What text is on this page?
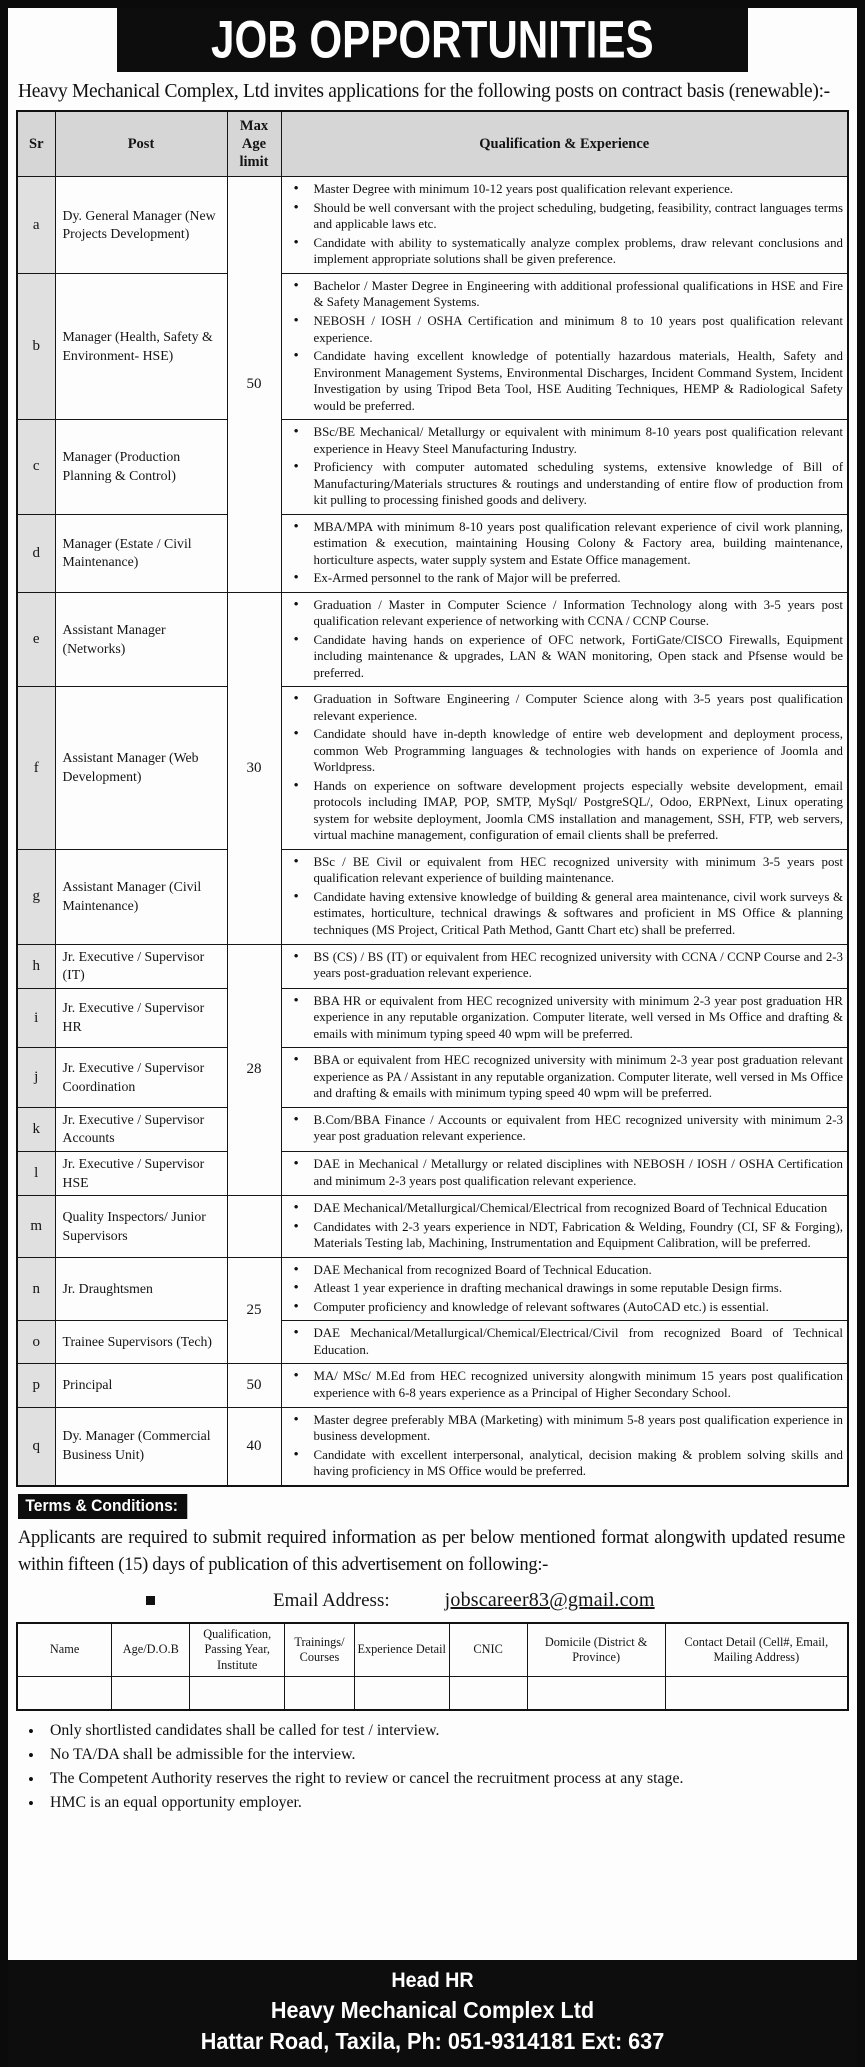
JOB OPPORTUNITIES

Heavy Mechanical Complex, Ltd invites applications for the following posts on contract basis (renewable):-

Sr	Post	Max Age limit	Qualification & Experience
a	Dy. General Manager (New Projects Development)	50	
• Master Degree with minimum 10-12 years post qualification relevant experience.
• Should be well conversant with the project scheduling, budgeting, feasibility, contract languages terms and applicable laws etc.
• Candidate with ability to systematically analyze complex problems, draw relevant conclusions and implement appropriate solutions shall be given preference.

b	Manager (Health, Safety & Environment- HSE)	
• Bachelor / Master Degree in Engineering with additional professional qualifications in HSE and Fire & Safety Management Systems.
• NEBOSH / IOSH / OSHA Certification and minimum 8 to 10 years post qualification relevant experience.
• Candidate having excellent knowledge of potentially hazardous materials, Health, Safety and Environment Management Systems, Environmental Discharges, Incident Command System, Incident Investigation by using Tripod Beta Tool, HSE Auditing Techniques, HEMP & Radiological Safety would be preferred.

c	Manager (Production Planning & Control)	
• BSc/BE Mechanical/ Metallurgy or equivalent with minimum 8-10 years post qualification relevant experience in Heavy Steel Manufacturing Industry.
• Proficiency with computer automated scheduling systems, extensive knowledge of Bill of Manufacturing/Materials structures & routings and understanding of entire flow of production from kit pulling to processing finished goods and delivery.

d	Manager (Estate / Civil Maintenance)	
• MBA/MPA with minimum 8-10 years post qualification relevant experience of civil work planning, estimation & execution, maintaining Housing Colony & Factory area, building maintenance, horticulture aspects, water supply system and Estate Office management.
• Ex-Armed personnel to the rank of Major will be preferred.

e	Assistant Manager (Networks)	30	
• Graduation / Master in Computer Science / Information Technology along with 3-5 years post qualification relevant experience of networking with CCNA / CCNP Course.
• Candidate having hands on experience of OFC network, FortiGate/CISCO Firewalls, Equipment including maintenance & upgrades, LAN & WAN monitoring, Open stack and Pfsense would be preferred.

f	Assistant Manager (Web Development)	
• Graduation in Software Engineering / Computer Science along with 3-5 years post qualification relevant experience.
• Candidate should have in-depth knowledge of entire web development and deployment process, common Web Programming languages & technologies with hands on experience of Joomla and Worldpress.
• Hands on experience on software development projects especially website development, email protocols including IMAP, POP, SMTP, MySql/ PostgreSQL/, Odoo, ERPNext, Linux operating system for website deployment, Joomla CMS installation and management, SSH, FTP, web servers, virtual machine management, configuration of email clients shall be preferred.

g	Assistant Manager (Civil Maintenance)	
• BSc / BE Civil or equivalent from HEC recognized university with minimum 3-5 years post qualification relevant experience of building maintenance.
• Candidate having extensive knowledge of building & general area maintenance, civil work surveys & estimates, horticulture, technical drawings & softwares and proficient in MS Office & planning techniques (MS Project, Critical Path Method, Gantt Chart etc) shall be preferred.

h	Jr. Executive / Supervisor (IT)	28	
• BS (CS) / BS (IT) or equivalent from HEC recognized university with CCNA / CCNP Course and 2-3 years post-graduation relevant experience.

i	Jr. Executive / Supervisor HR	
• BBA HR or equivalent from HEC recognized university with minimum 2-3 year post graduation HR experience in any reputable organization. Computer literate, well versed in Ms Office and drafting & emails with minimum typing speed 40 wpm will be preferred.

j	Jr. Executive / Supervisor Coordination	
• BBA or equivalent from HEC recognized university with minimum 2-3 year post graduation relevant experience as PA / Assistant in any reputable organization. Computer literate, well versed in Ms Office and drafting & emails with minimum typing speed 40 wpm will be preferred.

k	Jr. Executive / Supervisor Accounts	
• B.Com/BBA Finance / Accounts or equivalent from HEC recognized university with minimum 2-3 year post graduation relevant experience.

l	Jr. Executive / Supervisor HSE	
• DAE in Mechanical / Metallurgy or related disciplines with NEBOSH / IOSH / OSHA Certification and minimum 2-3 years post qualification relevant experience.

m	Quality Inspectors/ Junior Supervisors		
• DAE Mechanical/Metallurgical/Chemical/Electrical from recognized Board of Technical Education
• Candidates with 2-3 years experience in NDT, Fabrication & Welding, Foundry (CI, SF & Forging), Materials Testing lab, Machining, Instrumentation and Equipment Calibration, will be preferred.

n	Jr. Draughtsmen	25	
• DAE Mechanical from recognized Board of Technical Education.
• Atleast 1 year experience in drafting mechanical drawings in some reputable Design firms.
• Computer proficiency and knowledge of relevant softwares (AutoCAD etc.) is essential.

o	Trainee Supervisors (Tech)	
• DAE Mechanical/Metallurgical/Chemical/Electrical/Civil from recognized Board of Technical Education.

p	Principal	50	
• MA/ MSc/ M.Ed from HEC recognized university alongwith minimum 15 years post qualification experience with 6-8 years experience as a Principal of Higher Secondary School.

q	Dy. Manager (Commercial Business Unit)	40	
• Master degree preferably MBA (Marketing) with minimum 5-8 years post qualification experience in business development.
• Candidate with excellent interpersonal, analytical, decision making & problem solving skills and having proficiency in MS Office would be preferred.
Terms & Conditions:

Applicants are required to submit required information as per below mentioned format alongwith updated resume within fifteen (15) days of publication of this advertisement on following:-

Email Address:	jobscareer83@gmail.com
Name	Age/D.O.B	Qualification, Passing Year, Institute	Trainings/ Courses	Experience Detail	CNIC	Domicile (District & Province)	Contact Detail (Cell#, Email, Mailing Address)

• Only shortlisted candidates shall be called for test / interview.
• No TA/DA shall be admissible for the interview.
• The Competent Authority reserves the right to review or cancel the recruitment process at any stage.
• HMC is an equal opportunity employer.
Head HR
Heavy Mechanical Complex Ltd
Hattar Road, Taxila, Ph: 051-9314181 Ext: 637
